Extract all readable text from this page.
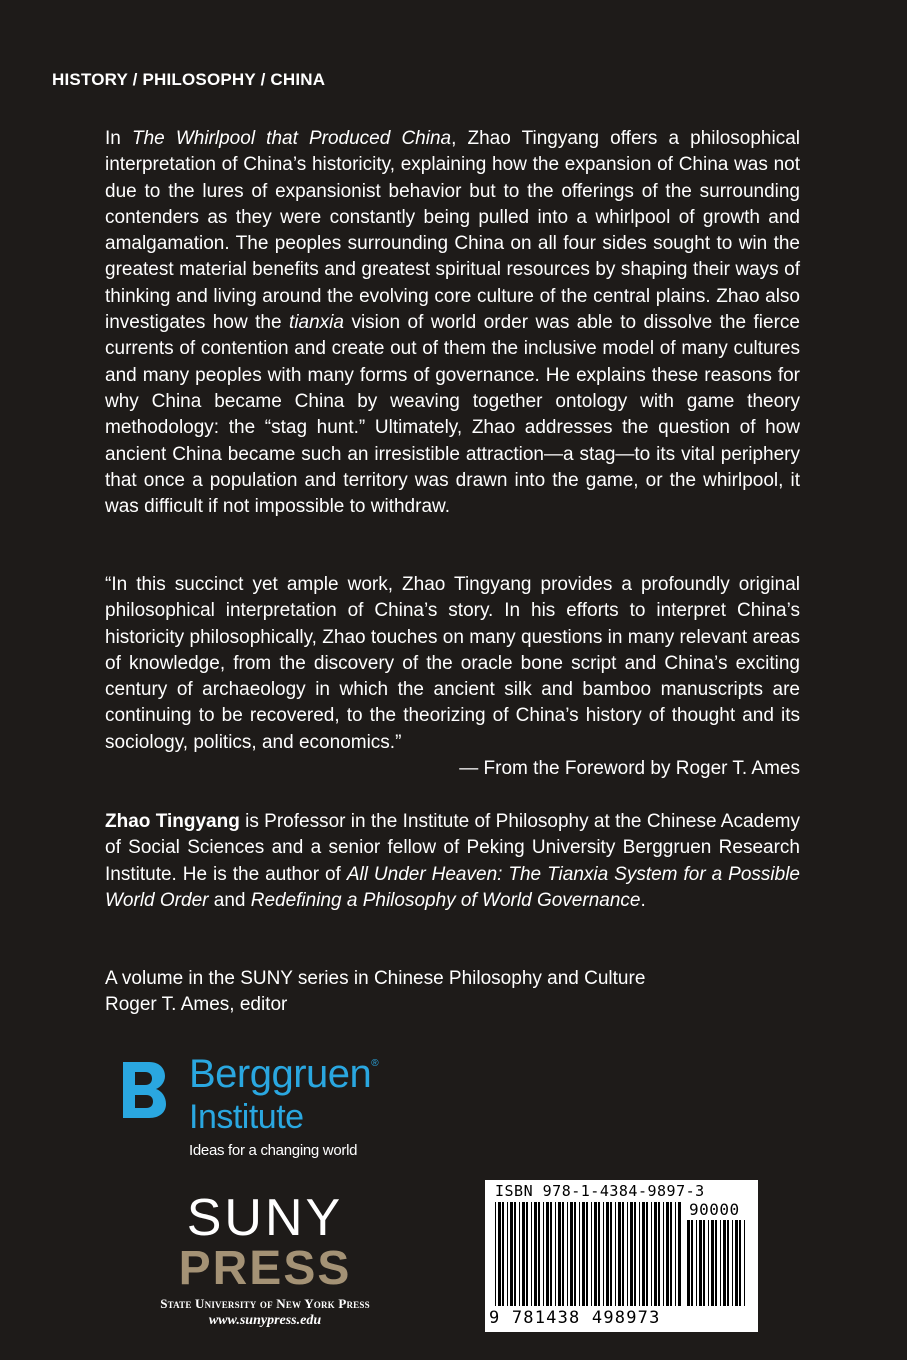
HISTORY / PHILOSOPHY / CHINA

In The Whirlpool that Produced China, Zhao Tingyang offers a philosophical interpretation of China’s historicity, explaining how the expansion of China was not due to the lures of expansionist behavior but to the offerings of the surrounding contenders as they were constantly being pulled into a whirlpool of growth and amalgamation. The peoples surrounding China on all four sides sought to win the greatest material benefits and greatest spiritual resources by shaping their ways of thinking and living around the evolving core culture of the central plains. Zhao also investigates how the tianxia vision of world order was able to dissolve the fierce currents of contention and create out of them the inclusive model of many cultures and many peoples with many forms of governance. He explains these reasons for why China became China by weaving together ontology with game theory methodology: the “stag hunt.” Ultimately, Zhao addresses the question of how ancient China became such an irresistible attraction—a stag—to its vital periphery that once a population and territory was drawn into the game, or the whirlpool, it was difficult if not impossible to withdraw.

“In this succinct yet ample work, Zhao Tingyang provides a profoundly original philosophical interpretation of China’s story. In his efforts to interpret China’s historicity philosophically, Zhao touches on many questions in many relevant areas of knowledge, from the discovery of the oracle bone script and China’s exciting century of archaeology in which the ancient silk and bamboo manuscripts are continuing to be recovered, to the theorizing of China’s history of thought and its sociology, politics, and economics.”
— From the Foreword by Roger T. Ames

Zhao Tingyang is Professor in the Institute of Philosophy at the Chinese Academy of Social Sciences and a senior fellow of Peking University Berggruen Research Institute. He is the author of All Under Heaven: The Tianxia System for a Possible World Order and Redefining a Philosophy of World Governance.

A volume in the SUNY series in Chinese Philosophy and Culture
Roger T. Ames, editor
Berggruen®
Institute
Ideas for a changing world
SUNY
PRESS
State University of New York Press
www.sunypress.edu
ISBN 978-1-4384-9897-3
90000
9 781438 498973
